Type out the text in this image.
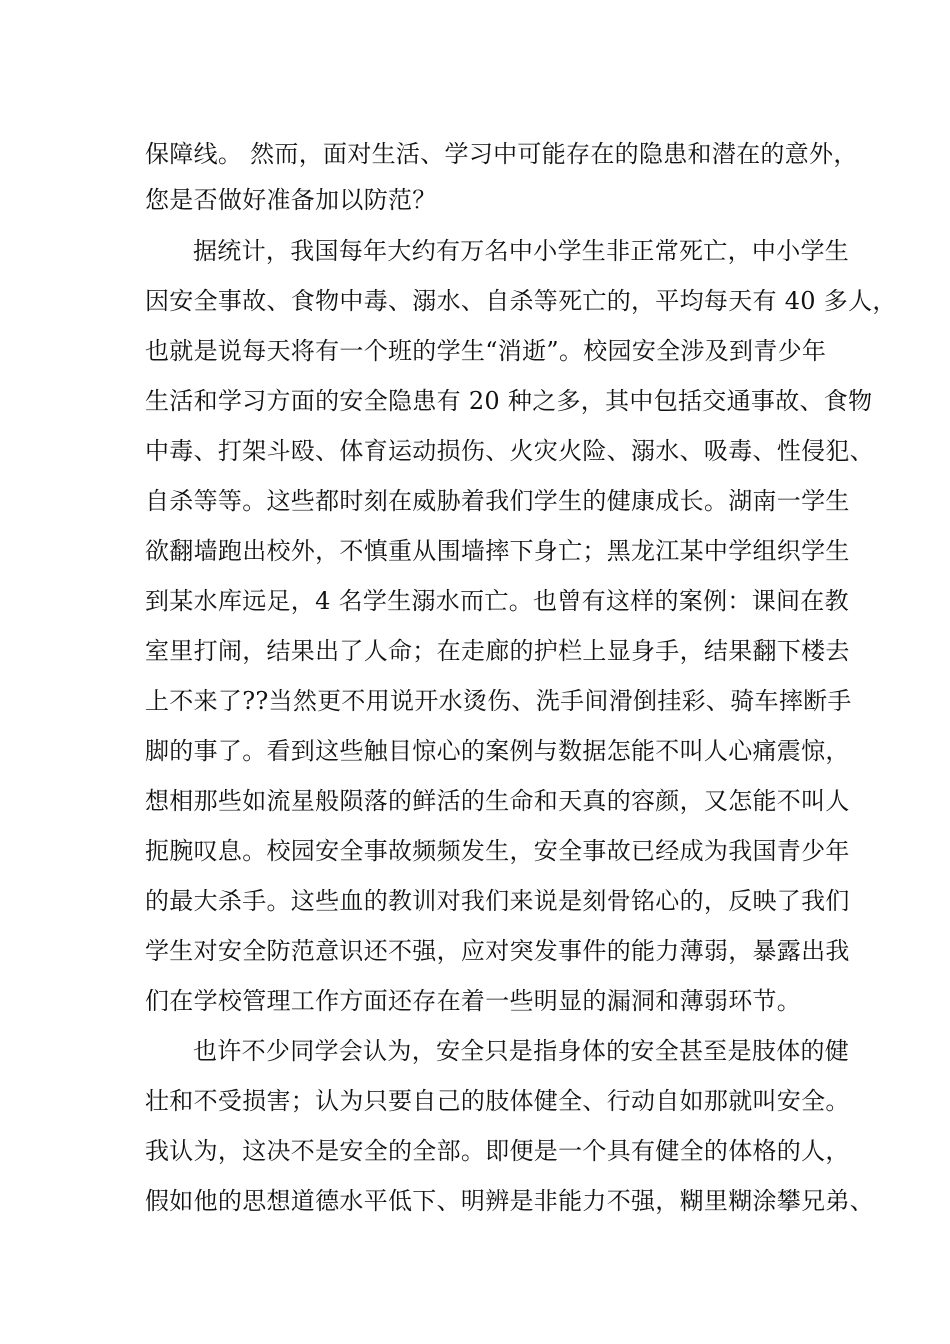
保障线。 然而，面对生活、学习中可能存在的隐患和潜在的意外，
您是否做好准备加以防范？
据统计，我国每年大约有万名中小学生非正常死亡，中小学生
因安全事故、食物中毒、溺水、自杀等死亡的，平均每天有 40 多人，
也就是说每天将有一个班的学生“消逝”。校园安全涉及到青少年
生活和学习方面的安全隐患有 20 种之多，其中包括交通事故、食物
中毒、打架斗殴、体育运动损伤、火灾火险、溺水、吸毒、性侵犯、
自杀等等。这些都时刻在威胁着我们学生的健康成长。湖南一学生
欲翻墙跑出校外，不慎重从围墙摔下身亡；黑龙江某中学组织学生
到某水库远足，4 名学生溺水而亡。也曾有这样的案例：课间在教
室里打闹，结果出了人命；在走廊的护栏上显身手，结果翻下楼去
上不来了??当然更不用说开水烫伤、洗手间滑倒挂彩、骑车摔断手
脚的事了。看到这些触目惊心的案例与数据怎能不叫人心痛震惊，
想相那些如流星般陨落的鲜活的生命和天真的容颜，又怎能不叫人
扼腕叹息。校园安全事故频频发生，安全事故已经成为我国青少年
的最大杀手。这些血的教训对我们来说是刻骨铭心的，反映了我们
学生对安全防范意识还不强，应对突发事件的能力薄弱，暴露出我
们在学校管理工作方面还存在着一些明显的漏洞和薄弱环节。
也许不少同学会认为，安全只是指身体的安全甚至是肢体的健
壮和不受损害；认为只要自己的肢体健全、行动自如那就叫安全。
我认为，这决不是安全的全部。即便是一个具有健全的体格的人，
假如他的思想道德水平低下、明辨是非能力不强，糊里糊涂攀兄弟、
